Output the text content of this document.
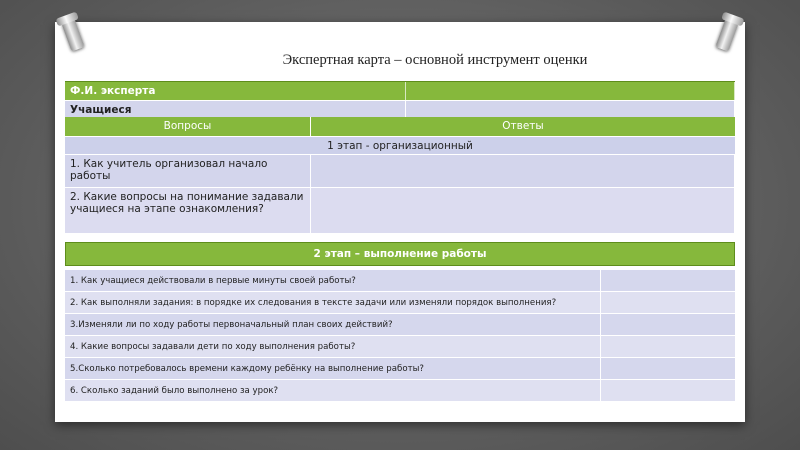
Экспертная карта – основной инструмент оценки
Ф.И. эксперта
Учащиеся
Вопросы	Ответы
1 этап - организационный
1. Как учитель организовал начало работы
2. Какие вопросы на понимание задавали учащиеся на этапе ознакомления?
2 этап – выполнение работы
1. Как учащиеся действовали в первые минуты своей работы?
2. Как выполняли задания: в порядке их следования в тексте задачи или изменяли порядок выполнения?
3.Изменяли ли по ходу работы первоначальный план своих действий?
4. Какие вопросы задавали дети по ходу выполнения работы?
5.Сколько потребовалось времени каждому ребёнку на выполнение работы?
6. Сколько заданий было выполнено за урок?
